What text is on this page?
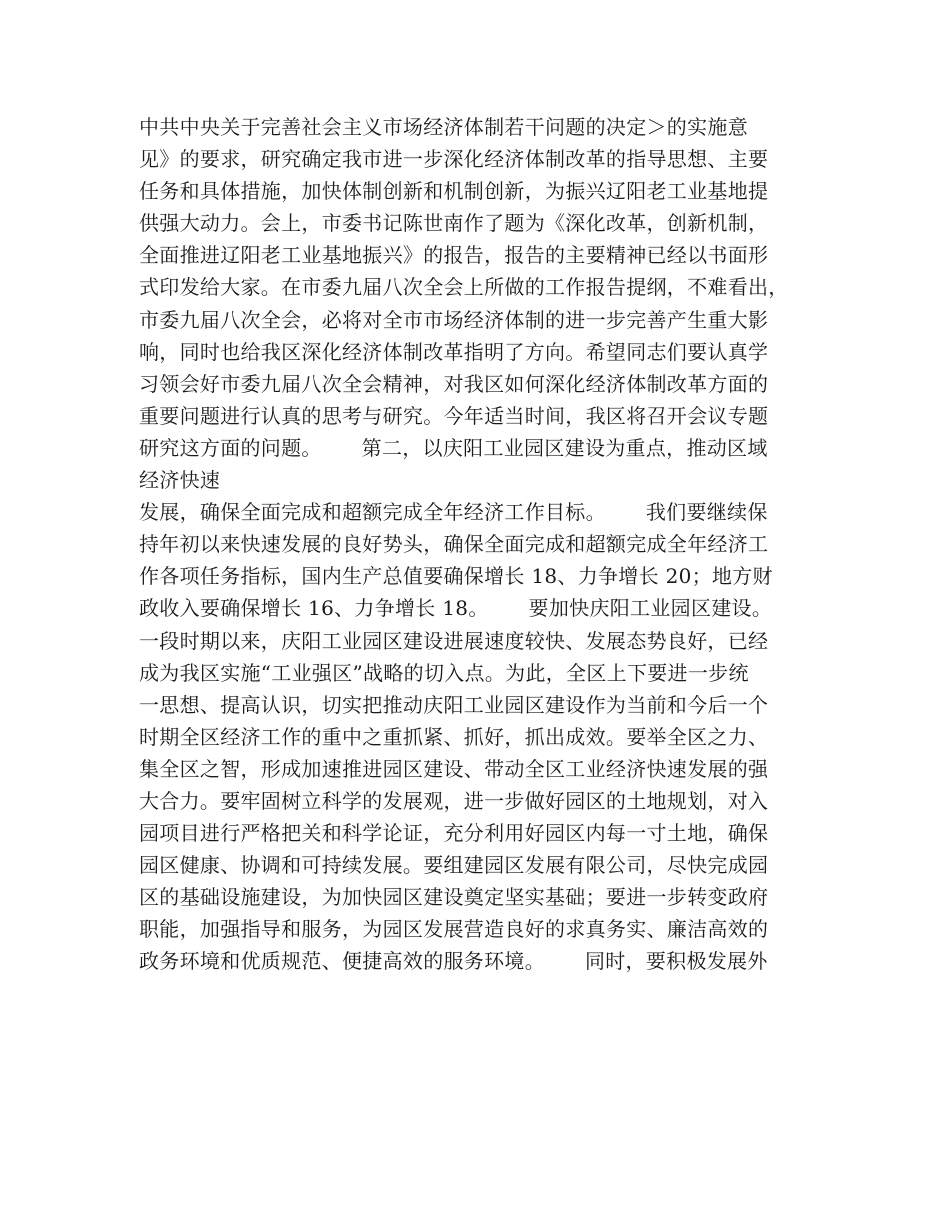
中共中央关于完善社会主义市场经济体制若干问题的决定＞的实施意
见》的要求，研究确定我市进一步深化经济体制改革的指导思想、主要
任务和具体措施，加快体制创新和机制创新，为振兴辽阳老工业基地提
供强大动力。会上，市委书记陈世南作了题为《深化改革，创新机制，
全面推进辽阳老工业基地振兴》的报告，报告的主要精神已经以书面形
式印发给大家。在市委九届八次全会上所做的工作报告提纲，不难看出，
市委九届八次全会，必将对全市市场经济体制的进一步完善产生重大影
响，同时也给我区深化经济体制改革指明了方向。希望同志们要认真学
习领会好市委九届八次全会精神，对我区如何深化经济体制改革方面的
重要问题进行认真的思考与研究。今年适当时间，我区将召开会议专题
研究这方面的问题。      第二，以庆阳工业园区建设为重点，推动区域
经济快速
发展，确保全面完成和超额完成全年经济工作目标。      我们要继续保
持年初以来快速发展的良好势头，确保全面完成和超额完成全年经济工
作各项任务指标，国内生产总值要确保增长 18、力争增长 20；地方财
政收入要确保增长 16、力争增长 18。      要加快庆阳工业园区建设。
一段时期以来，庆阳工业园区建设进展速度较快、发展态势良好，已经
成为我区实施“工业强区”战略的切入点。为此，全区上下要进一步统
一思想、提高认识，切实把推动庆阳工业园区建设作为当前和今后一个
时期全区经济工作的重中之重抓紧、抓好，抓出成效。要举全区之力、
集全区之智，形成加速推进园区建设、带动全区工业经济快速发展的强
大合力。要牢固树立科学的发展观，进一步做好园区的土地规划，对入
园项目进行严格把关和科学论证，充分利用好园区内每一寸土地，确保
园区健康、协调和可持续发展。要组建园区发展有限公司，尽快完成园
区的基础设施建设，为加快园区建设奠定坚实基础；要进一步转变政府
职能，加强指导和服务，为园区发展营造良好的求真务实、廉洁高效的
政务环境和优质规范、便捷高效的服务环境。      同时，要积极发展外
